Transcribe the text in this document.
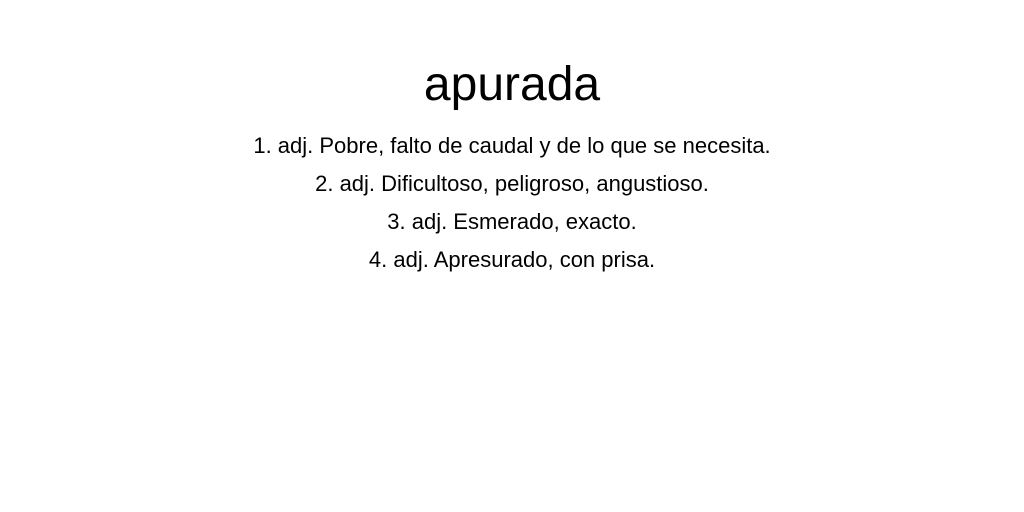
apurada
1. adj. Pobre, falto de caudal y de lo que se necesita.
2. adj. Dificultoso, peligroso, angustioso.
3. adj. Esmerado, exacto.
4. adj. Apresurado, con prisa.
